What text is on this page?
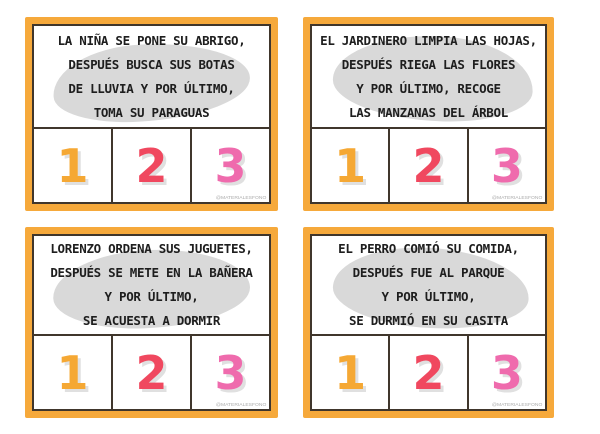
LA NIÑA SE PONE SU ABRIGO,
DESPUÉS BUSCA SUS BOTAS
DE LLUVIA Y POR ÚLTIMO,
TOMA SU PARAGUAS
1 2 3
@MATERIALESFONO
EL JARDINERO LIMPIA LAS HOJAS,
DESPUÉS RIEGA LAS FLORES
Y POR ÚLTIMO, RECOGE
LAS MANZANAS DEL ÁRBOL
1 2 3
@MATERIALESFONO
LORENZO ORDENA SUS JUGUETES,
DESPUÉS SE METE EN LA BAÑERA
Y POR ÚLTIMO,
SE ACUESTA A DORMIR
1 2 3
@MATERIALESFONO
EL PERRO COMIÓ SU COMIDA,
DESPUÉS FUE AL PARQUE
Y POR ÚLTIMO,
SE DURMIÓ EN SU CASITA
1 2 3
@MATERIALESFONO
